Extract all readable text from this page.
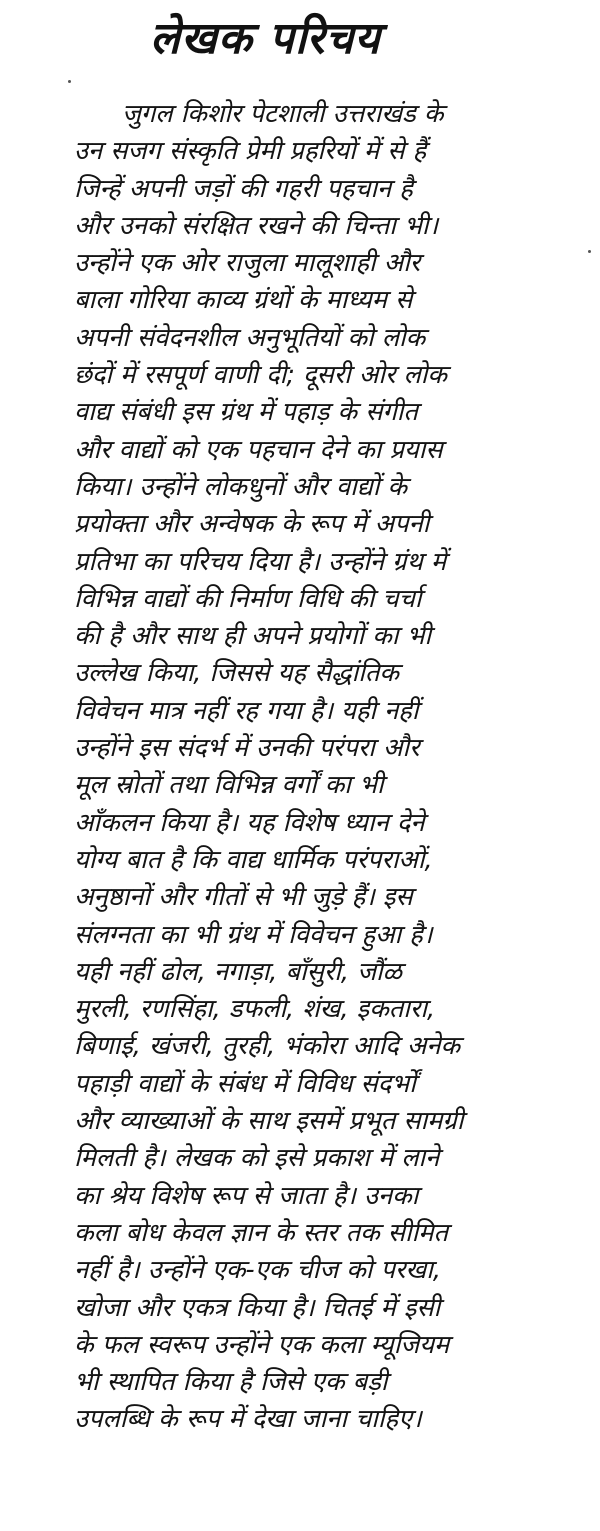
लेखक परिचय
जुगल किशोर पेटशाली उत्तराखंड के
उन सजग संस्कृति प्रेमी प्रहरियों में से हैं
जिन्हें अपनी जड़ों की गहरी पहचान है
और उनको संरक्षित रखने की चिन्ता भी।
उन्होंने एक ओर राजुला मालूशाही और
बाला गोरिया काव्य ग्रंथों के माध्यम से
अपनी संवेदनशील अनुभूतियों को लोक
छंदों में रसपूर्ण वाणी दी; दूसरी ओर लोक
वाद्य संबंधी इस ग्रंथ में पहाड़ के संगीत
और वाद्यों को एक पहचान देने का प्रयास
किया। उन्होंने लोकधुनों और वाद्यों के
प्रयोक्ता और अन्वेषक के रूप में अपनी
प्रतिभा का परिचय दिया है। उन्होंने ग्रंथ में
विभिन्न वाद्यों की निर्माण विधि की चर्चा
की है और साथ ही अपने प्रयोगों का भी
उल्लेख किया, जिससे यह सैद्धांतिक
विवेचन मात्र नहीं रह गया है। यही नहीं
उन्होंने इस संदर्भ में उनकी परंपरा और
मूल स्रोतों तथा विभिन्न वर्गों का भी
आँकलन किया है। यह विशेष ध्यान देने
योग्य बात है कि वाद्य धार्मिक परंपराओं,
अनुष्ठानों और गीतों से भी जुड़े हैं। इस
संलग्नता का भी ग्रंथ में विवेचन हुआ है।
यही नहीं ढोल, नगाड़ा, बाँसुरी, जौंळ
मुरली, रणसिंहा, डफली, शंख, इकतारा,
बिणाई, खंजरी, तुरही, भंकोरा आदि अनेक
पहाड़ी वाद्यों के संबंध में विविध संदर्भों
और व्याख्याओं के साथ इसमें प्रभूत सामग्री
मिलती है। लेखक को इसे प्रकाश में लाने
का श्रेय विशेष रूप से जाता है। उनका
कला बोध केवल ज्ञान के स्तर तक सीमित
नहीं है। उन्होंने एक-एक चीज को परखा,
खोजा और एकत्र किया है। चितई में इसी
के फल स्वरूप उन्होंने एक कला म्यूजियम
भी स्थापित किया है जिसे एक बड़ी
उपलब्धि के रूप में देखा जाना चाहिए।
